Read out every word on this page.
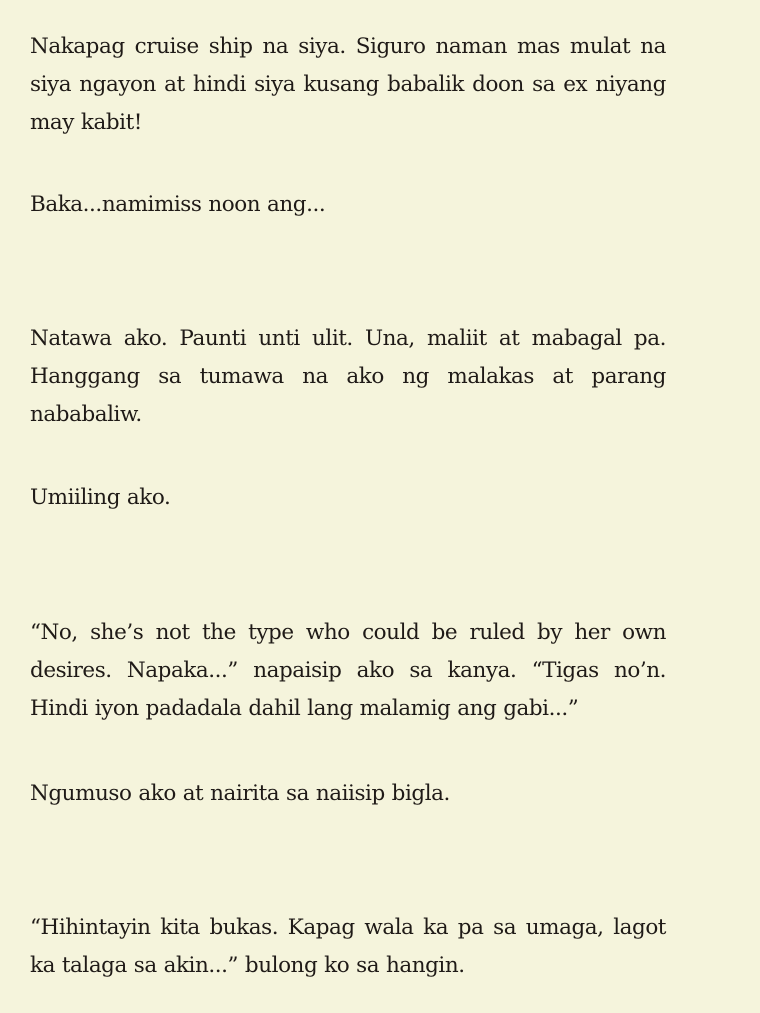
Nakapag cruise ship na siya. Siguro naman mas mulat na siya ngayon at hindi siya kusang babalik doon sa ex niyang may kabit!

Baka...namimiss noon ang...

Natawa ako. Paunti unti ulit. Una, maliit at mabagal pa. Hanggang sa tumawa na ako ng malakas at parang nababaliw.

Umiiling ako.

“No, she’s not the type who could be ruled by her own desires. Napaka...” napaisip ako sa kanya. “Tigas no’n. Hindi iyon padadala dahil lang malamig ang gabi...”

Ngumuso ako at nairita sa naiisip bigla.

“Hihintayin kita bukas. Kapag wala ka pa sa umaga, lagot ka talaga sa akin...” bulong ko sa hangin.
